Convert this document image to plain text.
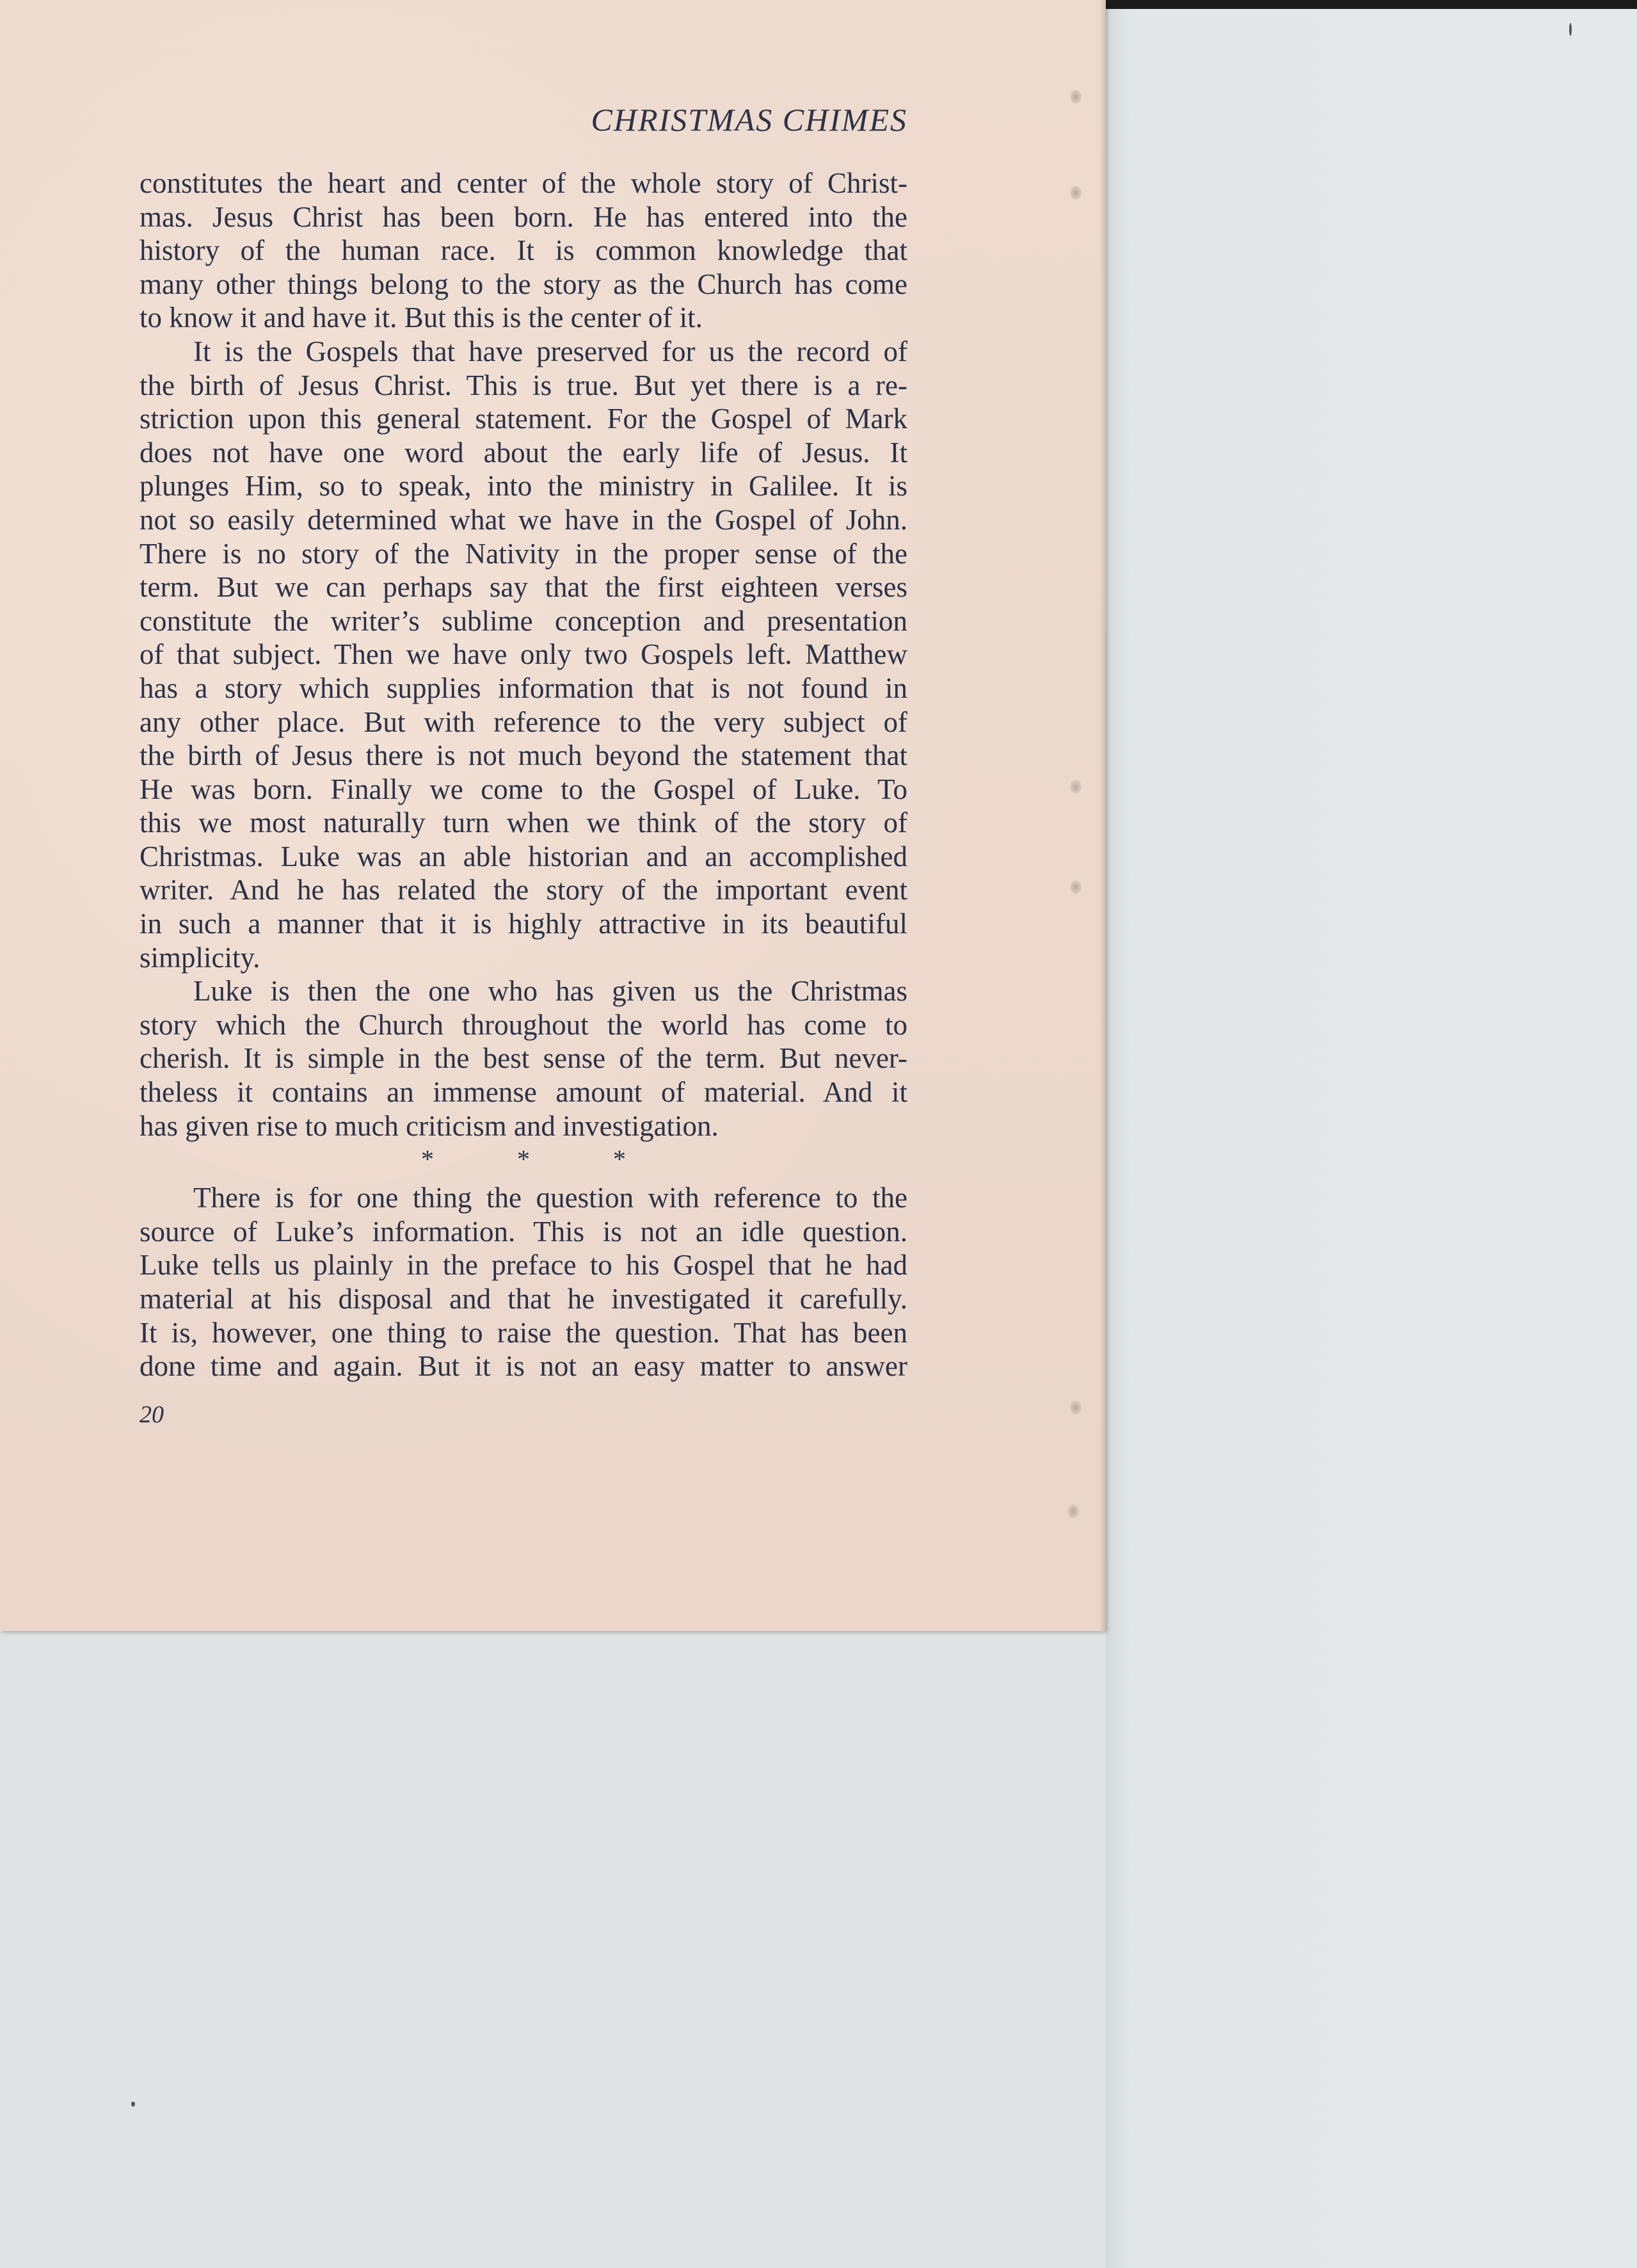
CHRISTMAS CHIMES
constitutes the heart and center of the whole story of Christ-
mas. Jesus Christ has been born. He has entered into the
history of the human race. It is common knowledge that
many other things belong to the story as the Church has come
to know it and have it. But this is the center of it.
It is the Gospels that have preserved for us the record of
the birth of Jesus Christ. This is true. But yet there is a re-
striction upon this general statement. For the Gospel of Mark
does not have one word about the early life of Jesus. It
plunges Him, so to speak, into the ministry in Galilee. It is
not so easily determined what we have in the Gospel of John.
There is no story of the Nativity in the proper sense of the
term. But we can perhaps say that the first eighteen verses
constitute the writer’s sublime conception and presentation
of that subject. Then we have only two Gospels left. Matthew
has a story which supplies information that is not found in
any other place. But with reference to the very subject of
the birth of Jesus there is not much beyond the statement that
He was born. Finally we come to the Gospel of Luke. To
this we most naturally turn when we think of the story of
Christmas. Luke was an able historian and an accomplished
writer. And he has related the story of the important event
in such a manner that it is highly attractive in its beautiful
simplicity.
Luke is then the one who has given us the Christmas
story which the Church throughout the world has come to
cherish. It is simple in the best sense of the term. But never-
theless it contains an immense amount of material. And it
has given rise to much criticism and investigation.
*	*	*
There is for one thing the question with reference to the
source of Luke’s information. This is not an idle question.
Luke tells us plainly in the preface to his Gospel that he had
material at his disposal and that he investigated it carefully.
It is, however, one thing to raise the question. That has been
done time and again. But it is not an easy matter to answer
20
